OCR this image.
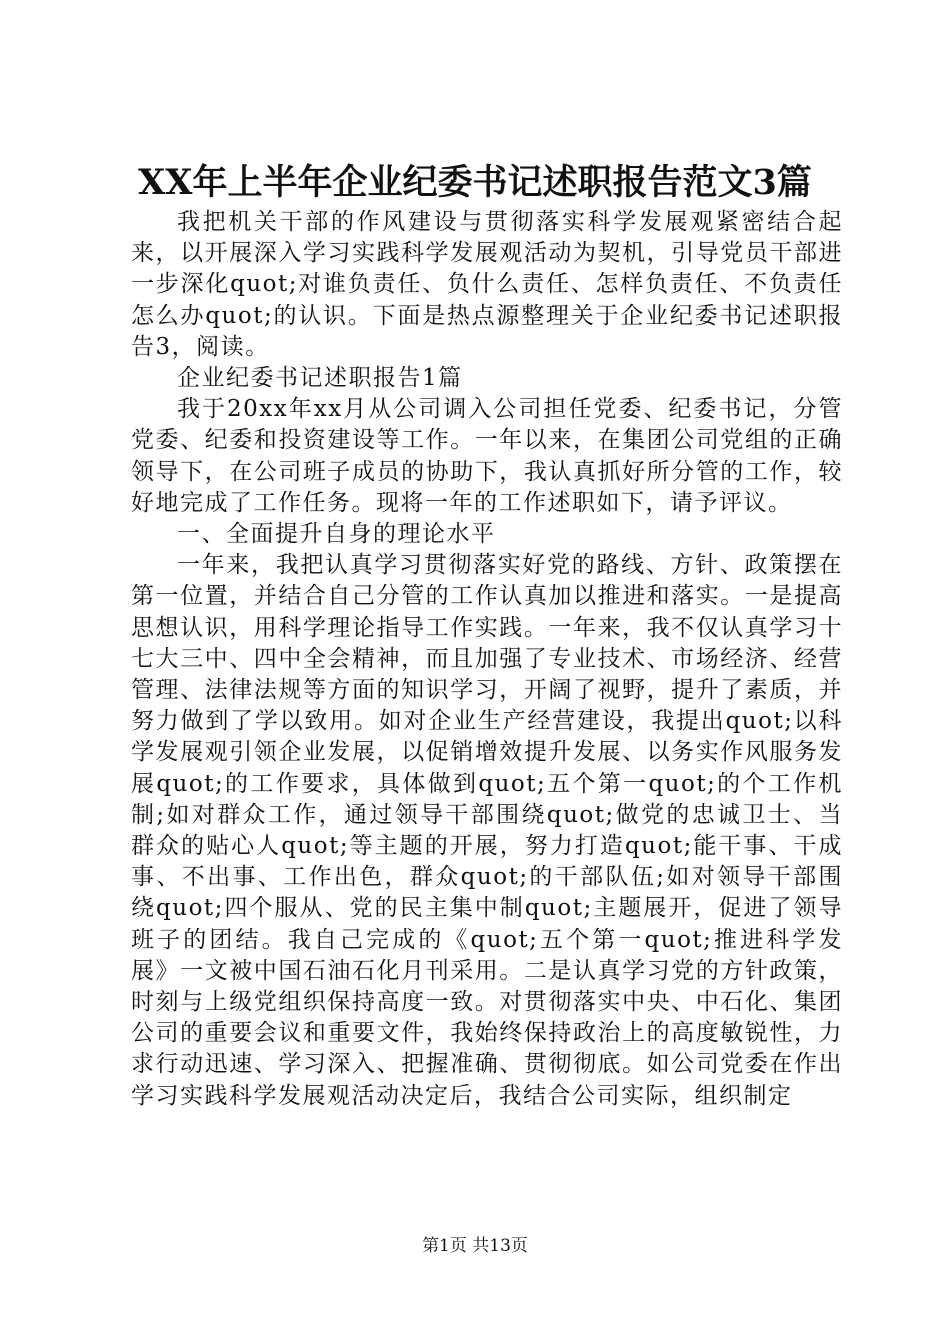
XX年上半年企业纪委书记述职报告范文3篇

我把机关干部的作风建设与贯彻落实科学发展观紧密结合起来，以开展深入学习实践科学发展观活动为契机，引导党员干部进一步深化quot;对谁负责任、负什么责任、怎样负责任、不负责任怎么办quot;的认识。下面是热点源整理关于企业纪委书记述职报告3，阅读。

企业纪委书记述职报告1篇

我于20xx年xx月从公司调入公司担任党委、纪委书记，分管党委、纪委和投资建设等工作。一年以来，在集团公司党组的正确领导下，在公司班子成员的协助下，我认真抓好所分管的工作，较好地完成了工作任务。现将一年的工作述职如下，请予评议。

一、全面提升自身的理论水平

一年来，我把认真学习贯彻落实好党的路线、方针、政策摆在第一位置，并结合自己分管的工作认真加以推进和落实。一是提高思想认识，用科学理论指导工作实践。一年来，我不仅认真学习十七大三中、四中全会精神，而且加强了专业技术、市场经济、经营管理、法律法规等方面的知识学习，开阔了视野，提升了素质，并努力做到了学以致用。如对企业生产经营建设，我提出quot;以科学发展观引领企业发展，以促销增效提升发展、以务实作风服务发展quot;的工作要求，具体做到quot;五个第一quot;的个工作机制;如对群众工作，通过领导干部围绕quot;做党的忠诚卫士、当群众的贴心人quot;等主题的开展，努力打造quot;能干事、干成事、不出事、工作出色，群众quot;的干部队伍;如对领导干部围绕quot;四个服从、党的民主集中制quot;主题展开，促进了领导班子的团结。我自己完成的《quot;五个第一quot;推进科学发展》一文被中国石油石化月刊采用。二是认真学习党的方针政策，时刻与上级党组织保持高度一致。对贯彻落实中央、中石化、集团公司的重要会议和重要文件，我始终保持政治上的高度敏锐性，力求行动迅速、学习深入、把握准确、贯彻彻底。如公司党委在作出学习实践科学发展观活动决定后，我结合公司实际，组织制定

第1页 共13页
